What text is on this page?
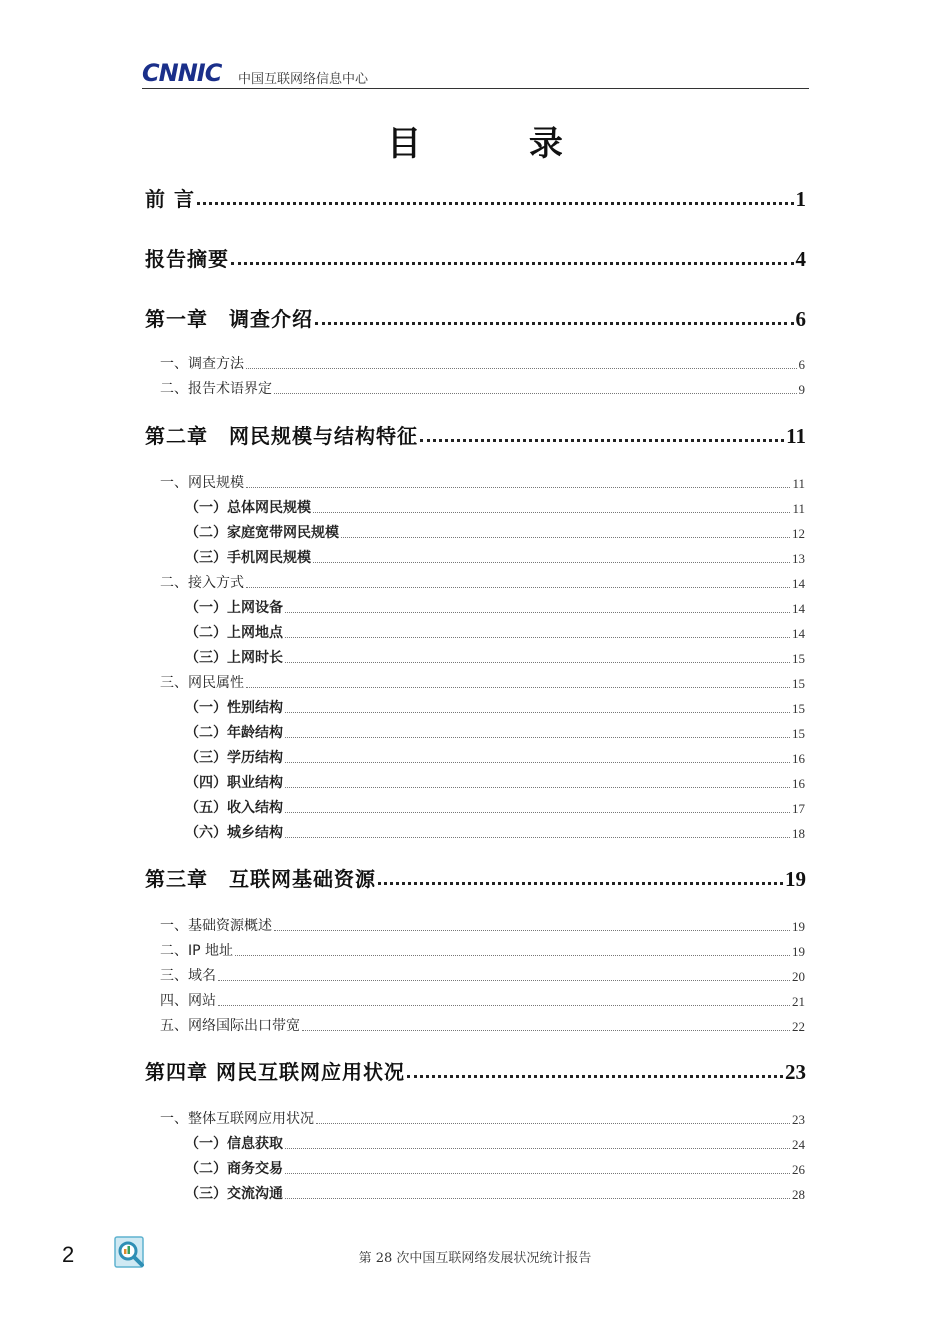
CNNIC 中国互联网络信息中心
目 录
前 言	1
报告摘要	4
第一章　调查介绍	6
一、调查方法	6
二、报告术语界定	9
第二章　网民规模与结构特征	11
一、网民规模	11
（一）总体网民规模	11
（二）家庭宽带网民规模	12
（三）手机网民规模	13
二、接入方式	14
（一）上网设备	14
（二）上网地点	14
（三）上网时长	15
三、网民属性	15
（一）性别结构	15
（二）年龄结构	15
（三）学历结构	16
（四）职业结构	16
（五）收入结构	17
（六）城乡结构	18
第三章　互联网基础资源	19
一、基础资源概述	19
二、IP 地址	19
三、域名	20
四、网站	21
五、网络国际出口带宽	22
第四章 网民互联网应用状况	23
一、整体互联网应用状况	23
（一）信息获取	24
（二）商务交易	26
（三）交流沟通	28
2	第 28 次中国互联网络发展状况统计报告
